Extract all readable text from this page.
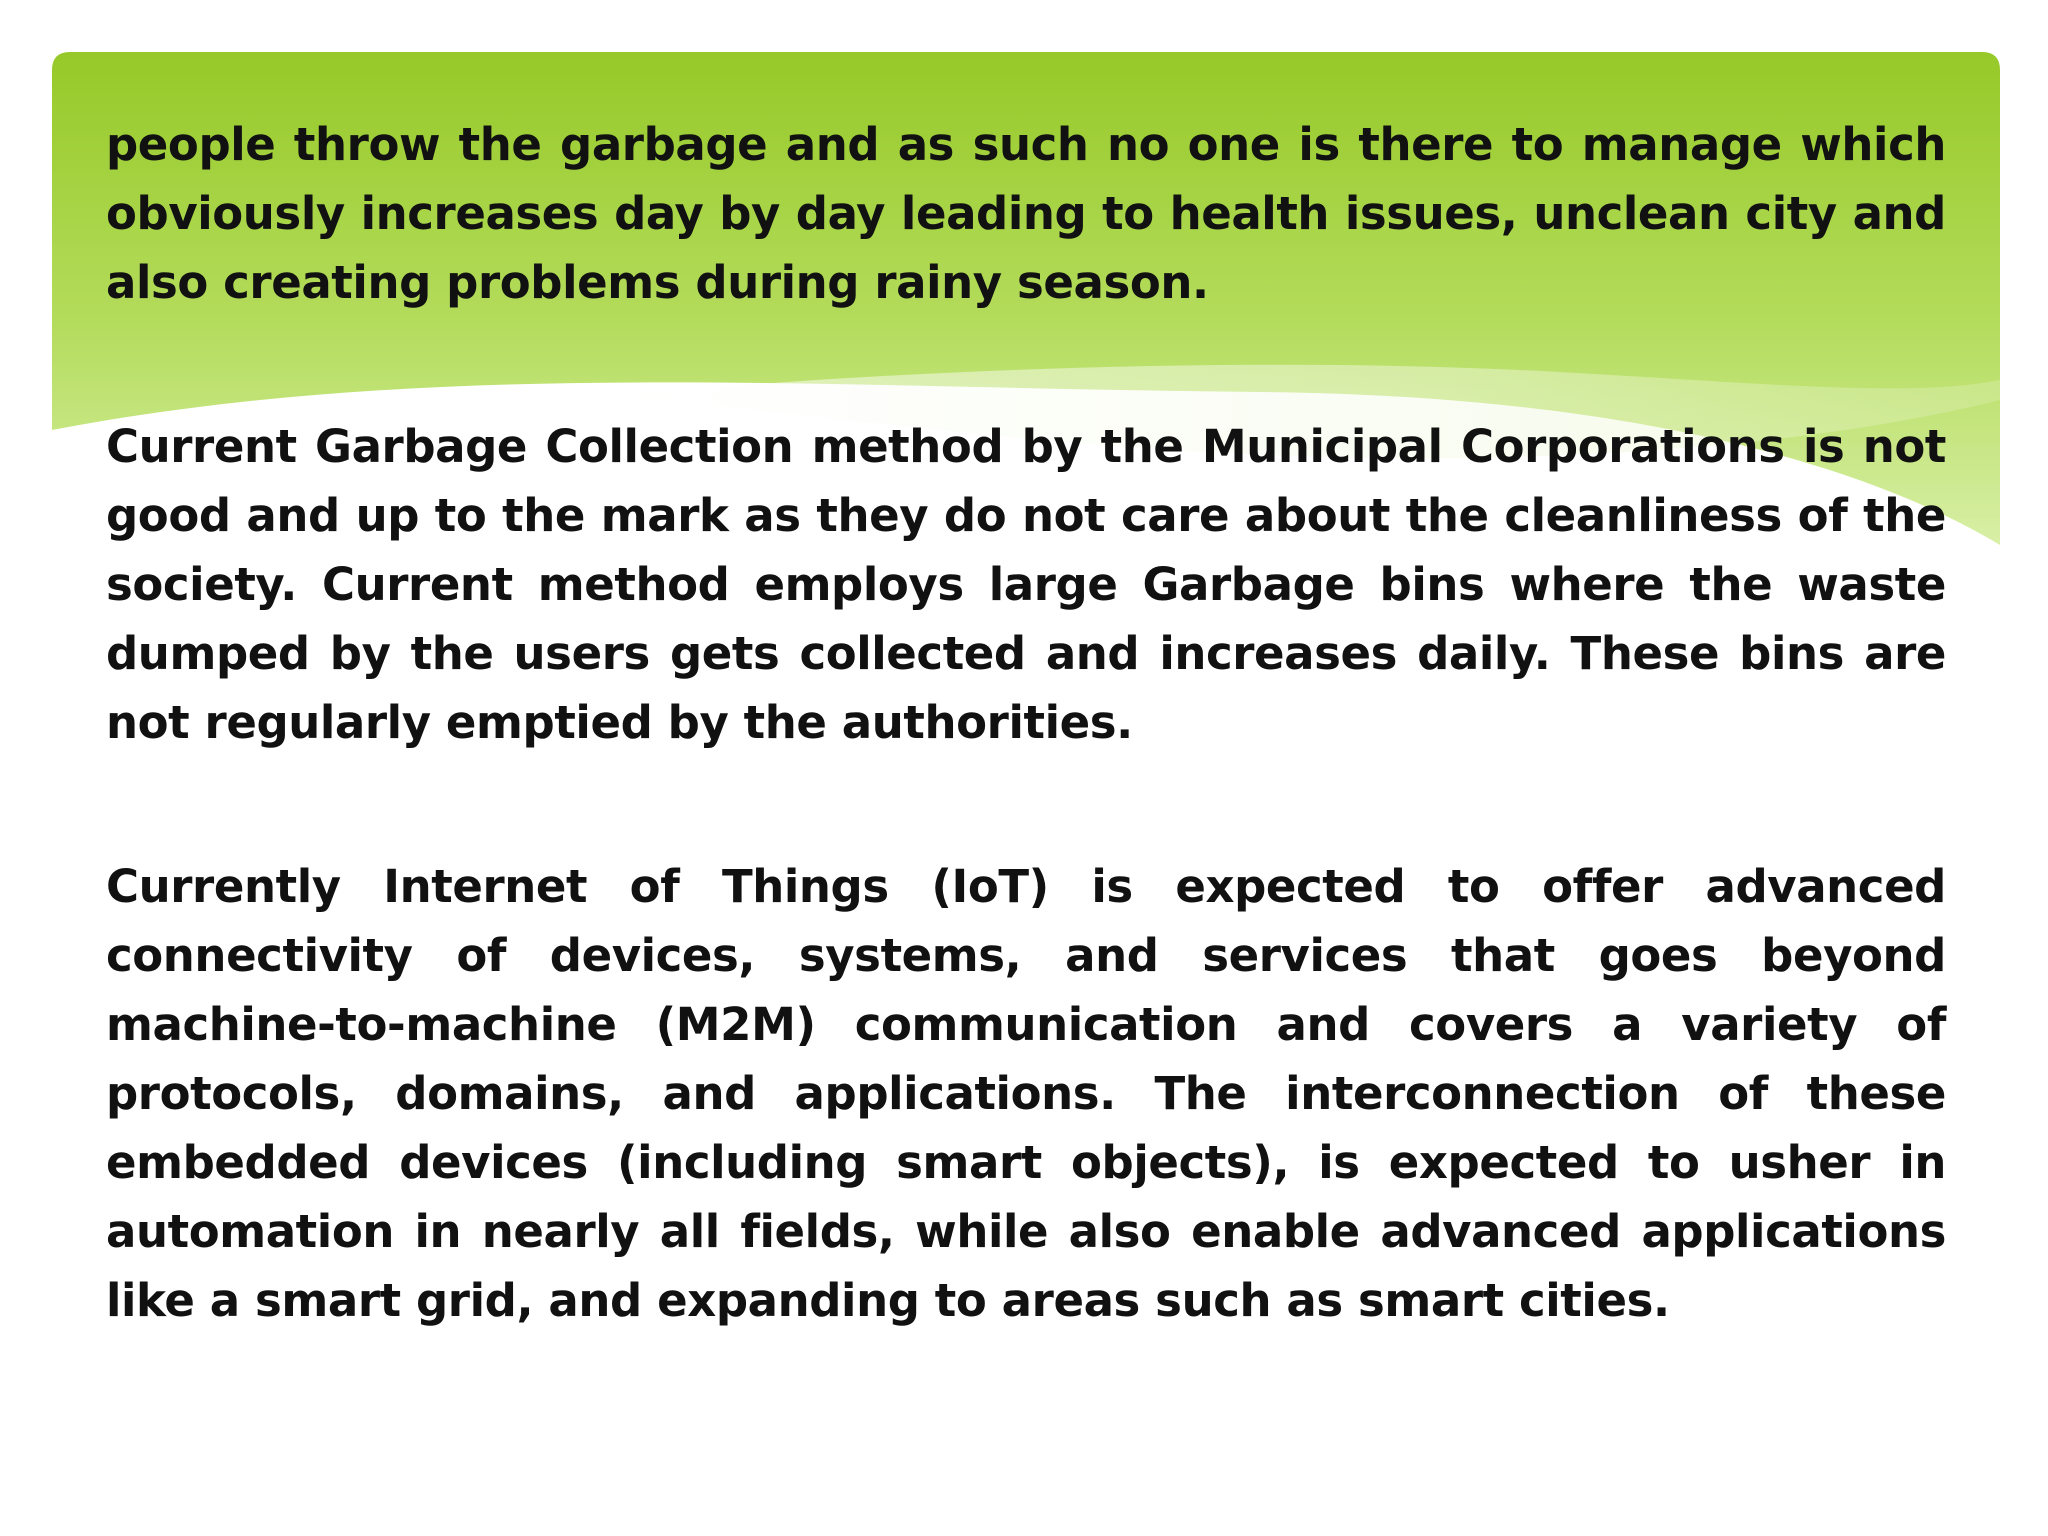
people throw the garbage and as such no one is there to manage which obviously increases day by day leading to health issues, unclean city and also creating problems during rainy season.

Current Garbage Collection method by the Municipal Corporations is not good and up to the mark as they do not care about the cleanliness of the society. Current method employs large Garbage bins where the waste dumped by the users gets collected and increases daily. These bins are not regularly emptied by the authorities.

Currently Internet of Things (IoT) is expected to offer advanced connectivity of devices, systems, and services that goes beyond machine-to-machine (M2M) communication and covers a variety of protocols, domains, and applications. The interconnection of these embedded devices (including smart objects), is expected to usher in automation in nearly all fields, while also enable advanced applications like a smart grid, and expanding to areas such as smart cities.
